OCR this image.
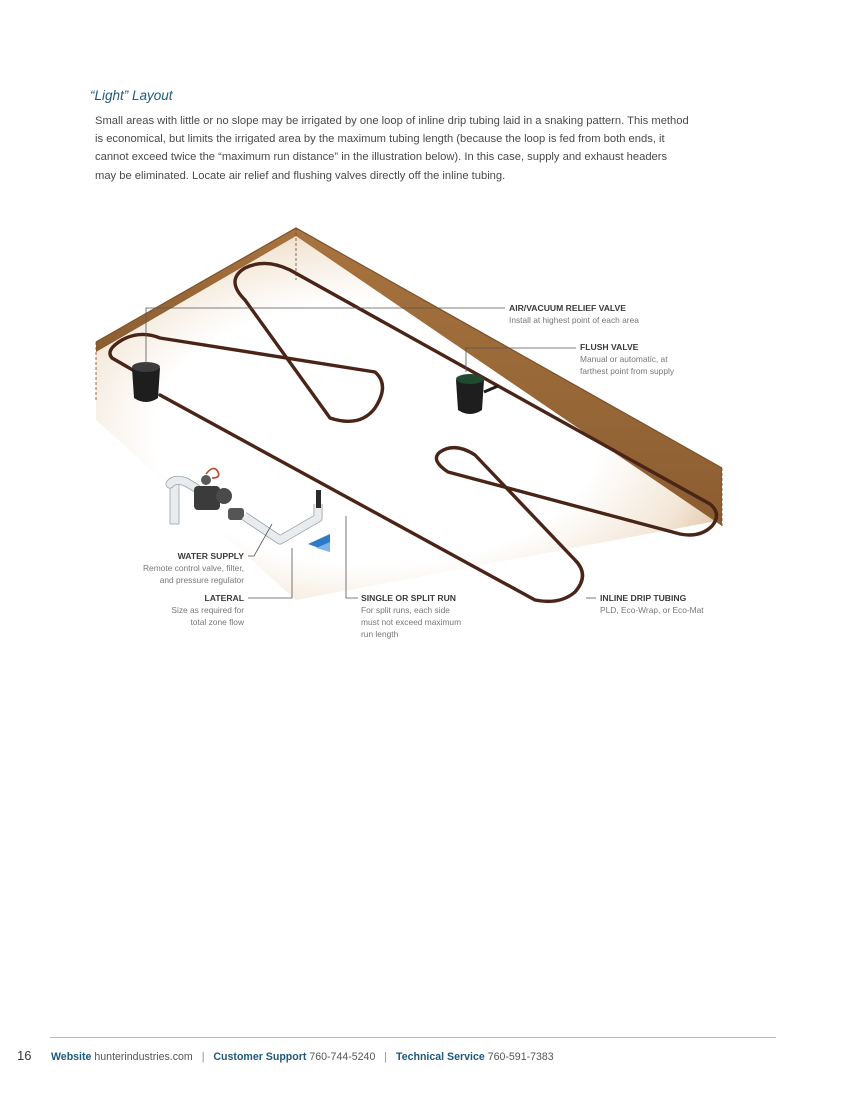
“Light” Layout
Small areas with little or no slope may be irrigated by one loop of inline drip tubing laid in a snaking pattern. This method
is economical, but limits the irrigated area by the maximum tubing length (because the loop is fed from both ends, it
cannot exceed twice the “maximum run distance” in the illustration below). In this case, supply and exhaust headers
may be eliminated. Locate air relief and flushing valves directly off the inline tubing.
AIR/VACUUM RELIEF VALVE
Install at highest point of each area
FLUSH VALVE
Manual or automatic, at
farthest point from supply
WATER SUPPLY
Remote control valve, filter,
and pressure regulator
LATERAL
Size as required for
total zone flow
SINGLE OR SPLIT RUN
For split runs, each side
must not exceed maximum
run length
INLINE DRIP TUBING
PLD, Eco-Wrap, or Eco-Mat
16 Website hunterindustries.com | Customer Support 760-744-5240 | Technical Service 760-591-7383
